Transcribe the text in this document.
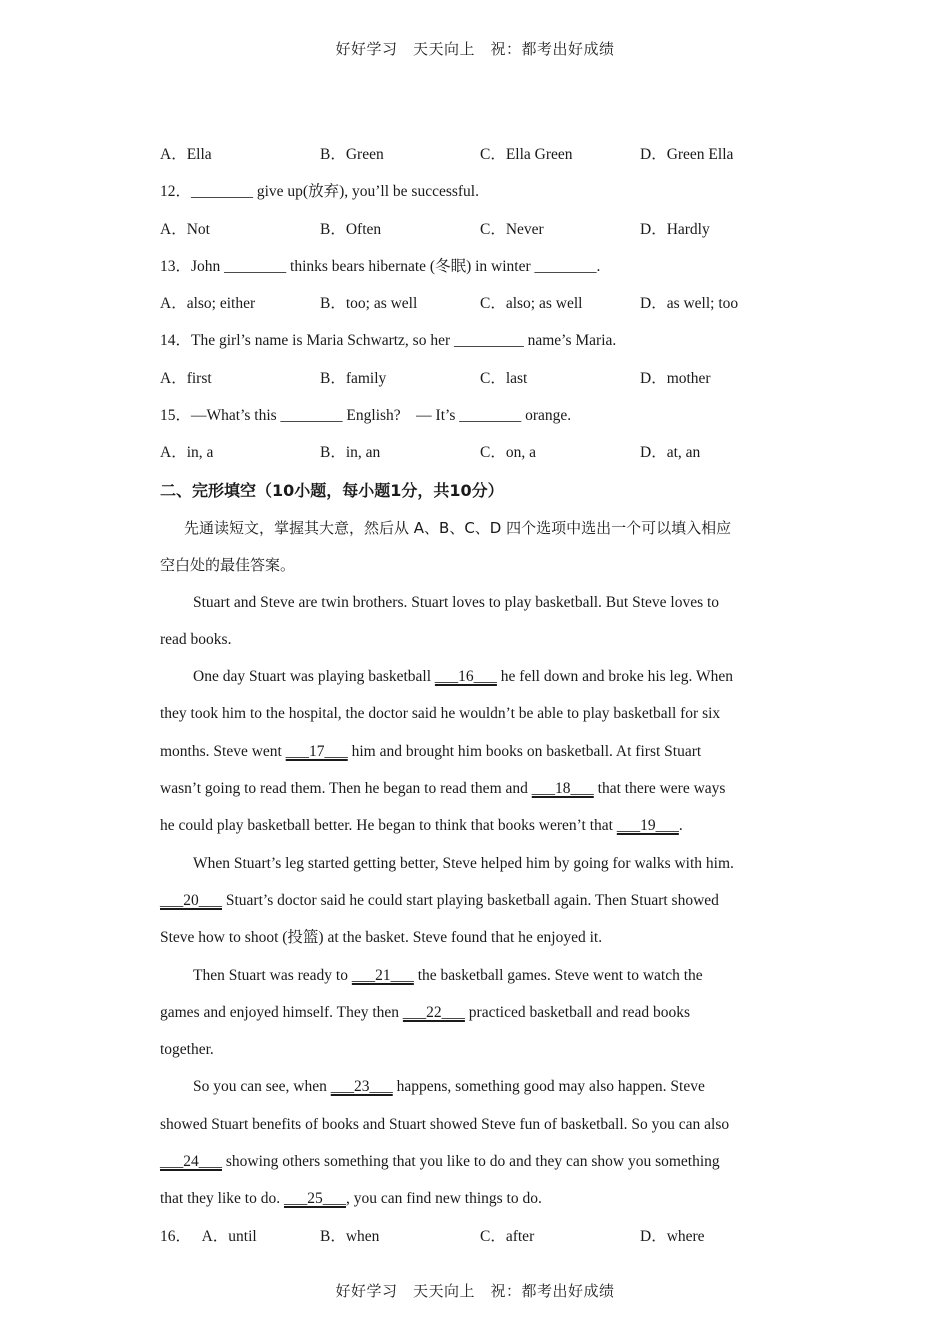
好好学习　天天向上　祝：都考出好成绩
A．Ella	B．Green	C．Ella Green	D．Green Ella
12．________ give up(放弃), you’ll be successful.
A．Not	B．Often	C．Never	D．Hardly
13．John ________ thinks bears hibernate (冬眠) in winter ________.
A．also; either	B．too; as well	C．also; as well	D．as well; too
14．The girl’s name is Maria Schwartz, so her _________ name’s Maria.
A．first	B．family	C．last	D．mother
15．—What’s this ________ English?　— It’s ________ orange.
A．in, a	B．in, an	C．on, a	D．at, an
二、完形填空（10小题，每小题1分，共10分）
先通读短文，掌握其大意，然后从 A、B、C、D 四个选项中选出一个可以填入相应
空白处的最佳答案。
Stuart and Steve are twin brothers. Stuart loves to play basketball. But Steve loves to
read books.
One day Stuart was playing basketball ___16___ he fell down and broke his leg. When
they took him to the hospital, the doctor said he wouldn’t be able to play basketball for six
months. Steve went ___17___ him and brought him books on basketball. At first Stuart
wasn’t going to read them. Then he began to read them and ___18___ that there were ways
he could play basketball better. He began to think that books weren’t that ___19___.
When Stuart’s leg started getting better, Steve helped him by going for walks with him.
___20___ Stuart’s doctor said he could start playing basketball again. Then Stuart showed
Steve how to shoot (投篮) at the basket. Steve found that he enjoyed it.
Then Stuart was ready to ___21___ the basketball games. Steve went to watch the
games and enjoyed himself. They then ___22___ practiced basketball and read books
together.
So you can see, when ___23___ happens, something good may also happen. Steve
showed Stuart benefits of books and Stuart showed Steve fun of basketball. So you can also
___24___ showing others something that you like to do and they can show you something
that they like to do. ___25___, you can find new things to do.
16． A．until	B．when	C．after	D．where
好好学习　天天向上　祝：都考出好成绩
